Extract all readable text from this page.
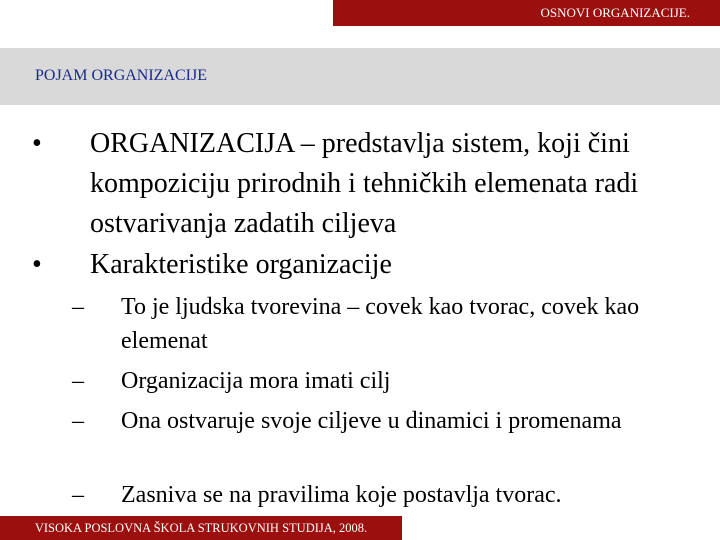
OSNOVI ORGANIZACIJE.
POJAM ORGANIZACIJE
•	ORGANIZACIJA – predstavlja sistem, koji čini kompoziciju prirodnih i tehničkih elemenata radi ostvarivanja zadatih ciljeva
•	Karakteristike organizacije
–	To je ljudska tvorevina – covek kao tvorac, covek kao elemenat
–	Organizacija mora imati cilj
–	Ona ostvaruje svoje ciljeve u dinamici i promenama
–	Zasniva se na pravilima koje postavlja tvorac.
VISOKA POSLOVNA ŠKOLA STRUKOVNIH STUDIJA, 2008.
